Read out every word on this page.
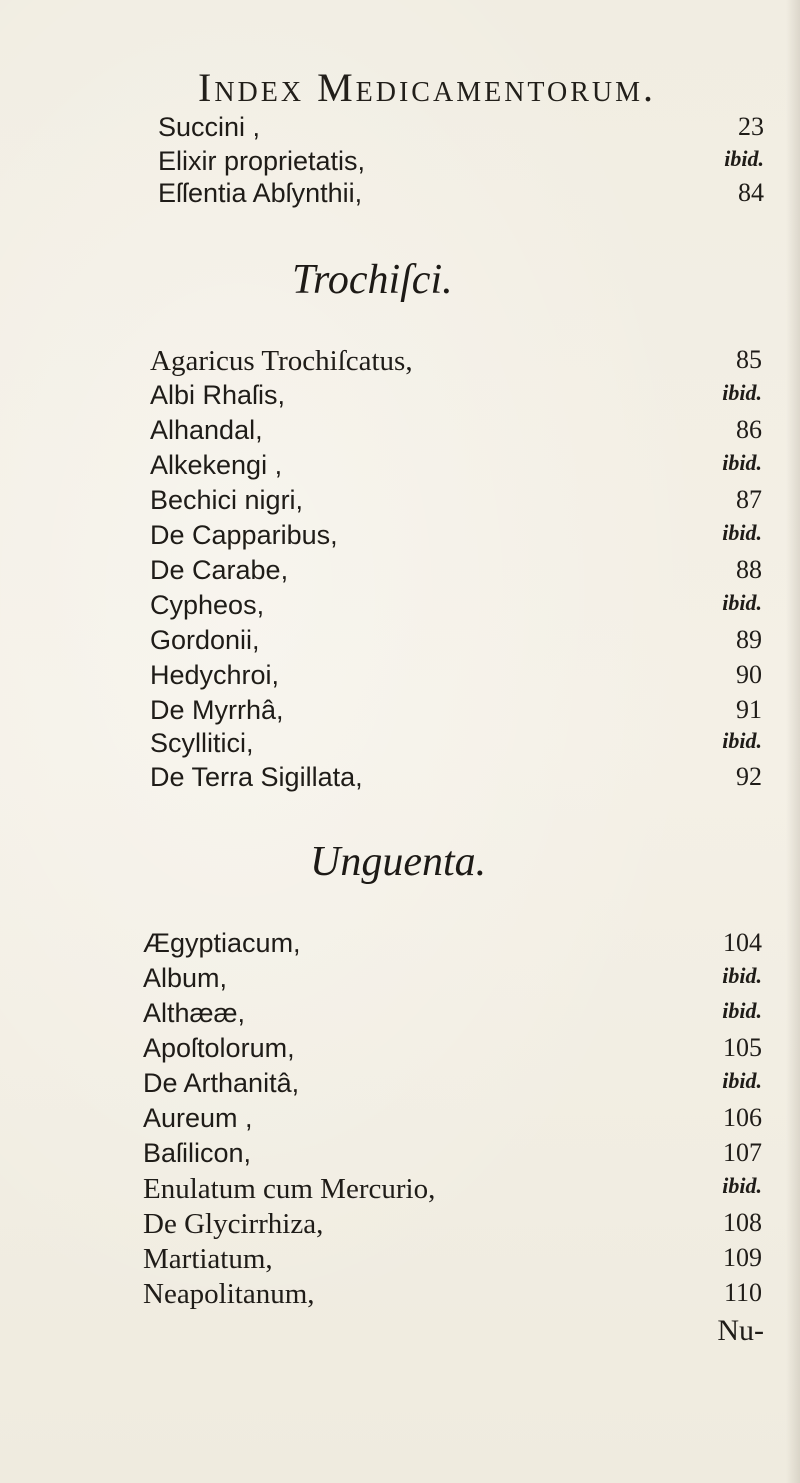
Index Medicamentorum.
Succini ,	23
Elixir proprietatis,	ibid.
Eſſentia Abſynthii,	84
Trochiſci.
Agaricus Trochiſcatus,	85
Albi Rhaſis,	ibid.
Alhandal,	86
Alkekengi ,	ibid.
Bechici nigri,	87
De Capparibus,	ibid.
De Carabe,	88
Cypheos,	ibid.
Gordonii,	89
Hedychroi,	90
De Myrrhâ,	91
Scyllitici,	ibid.
De Terra Sigillata,	92
Unguenta.
Ægyptiacum,	104
Album,	ibid.
Althææ,	ibid.
Apoſtolorum,	105
De Arthanitâ,	ibid.
Aureum ,	106
Baſilicon,	107
Enulatum cum Mercurio,	ibid.
De Glycirrhiza,	108
Martiatum,	109
Neapolitanum,	110
Nu-
